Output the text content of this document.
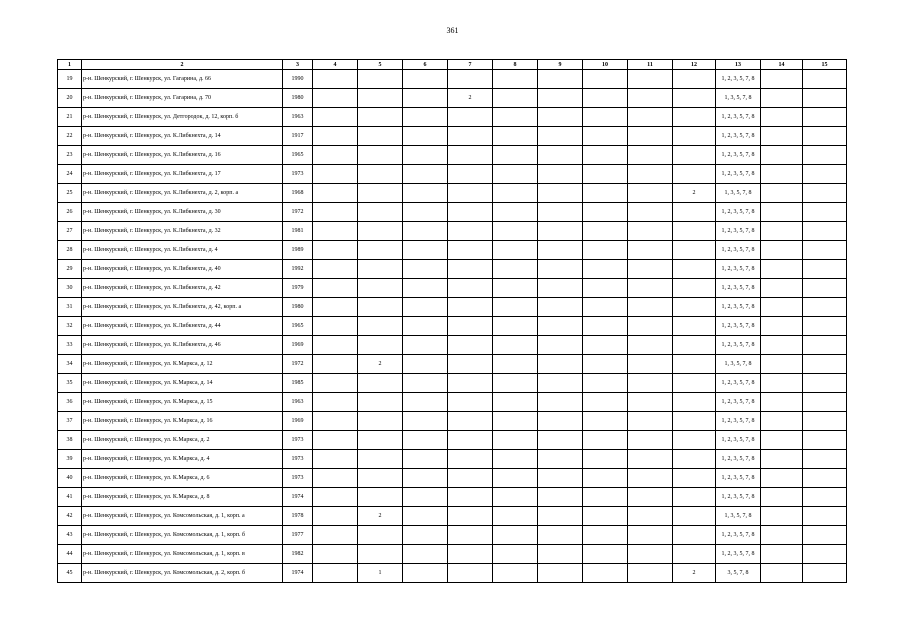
361
1	2	3	4	5	6	7	8	9	10	11	12	13	14	15
19	р-н. Шенкурский, г. Шенкурск, ул. Гагарина, д. 66	1990										1, 2, 3, 5, 7, 8		
20	р-н. Шенкурский, г. Шенкурск, ул. Гагарина, д. 70	1980				2						1, 3, 5, 7, 8		
21	р-н. Шенкурский, г. Шенкурск, ул. Детгородок, д. 12, корп. б	1963										1, 2, 3, 5, 7, 8		
22	р-н. Шенкурский, г. Шенкурск, ул. К.Либкнехта, д. 14	1917										1, 2, 3, 5, 7, 8		
23	р-н. Шенкурский, г. Шенкурск, ул. К.Либкнехта, д. 16	1965										1, 2, 3, 5, 7, 8		
24	р-н. Шенкурский, г. Шенкурск, ул. К.Либкнехта, д. 17	1973										1, 2, 3, 5, 7, 8		
25	р-н. Шенкурский, г. Шенкурск, ул. К.Либкнехта, д. 2, корп. а	1968									2	1, 3, 5, 7, 8		
26	р-н. Шенкурский, г. Шенкурск, ул. К.Либкнехта, д. 30	1972										1, 2, 3, 5, 7, 8		
27	р-н. Шенкурский, г. Шенкурск, ул. К.Либкнехта, д. 32	1981										1, 2, 3, 5, 7, 8		
28	р-н. Шенкурский, г. Шенкурск, ул. К.Либкнехта, д. 4	1989										1, 2, 3, 5, 7, 8		
29	р-н. Шенкурский, г. Шенкурск, ул. К.Либкнехта, д. 40	1992										1, 2, 3, 5, 7, 8		
30	р-н. Шенкурский, г. Шенкурск, ул. К.Либкнехта, д. 42	1979										1, 2, 3, 5, 7, 8		
31	р-н. Шенкурский, г. Шенкурск, ул. К.Либкнехта, д. 42, корп. а	1980										1, 2, 3, 5, 7, 8		
32	р-н. Шенкурский, г. Шенкурск, ул. К.Либкнехта, д. 44	1965										1, 2, 3, 5, 7, 8		
33	р-н. Шенкурский, г. Шенкурск, ул. К.Либкнехта, д. 46	1969										1, 2, 3, 5, 7, 8		
34	р-н. Шенкурский, г. Шенкурск, ул. К.Маркса, д. 12	1972		2								1, 3, 5, 7, 8		
35	р-н. Шенкурский, г. Шенкурск, ул. К.Маркса, д. 14	1985										1, 2, 3, 5, 7, 8		
36	р-н. Шенкурский, г. Шенкурск, ул. К.Маркса, д. 15	1963										1, 2, 3, 5, 7, 8		
37	р-н. Шенкурский, г. Шенкурск, ул. К.Маркса, д. 16	1969										1, 2, 3, 5, 7, 8		
38	р-н. Шенкурский, г. Шенкурск, ул. К.Маркса, д. 2	1973										1, 2, 3, 5, 7, 8		
39	р-н. Шенкурский, г. Шенкурск, ул. К.Маркса, д. 4	1973										1, 2, 3, 5, 7, 8		
40	р-н. Шенкурский, г. Шенкурск, ул. К.Маркса, д. 6	1973										1, 2, 3, 5, 7, 8		
41	р-н. Шенкурский, г. Шенкурск, ул. К.Маркса, д. 8	1974										1, 2, 3, 5, 7, 8		
42	р-н. Шенкурский, г. Шенкурск, ул. Комсомольская, д. 1, корп. а	1978		2								1, 3, 5, 7, 8		
43	р-н. Шенкурский, г. Шенкурск, ул. Комсомольская, д. 1, корп. б	1977										1, 2, 3, 5, 7, 8		
44	р-н. Шенкурский, г. Шенкурск, ул. Комсомольская, д. 1, корп. в	1982										1, 2, 3, 5, 7, 8		
45	р-н. Шенкурский, г. Шенкурск, ул. Комсомольская, д. 2, корп. б	1974		1							2	3, 5, 7, 8		
